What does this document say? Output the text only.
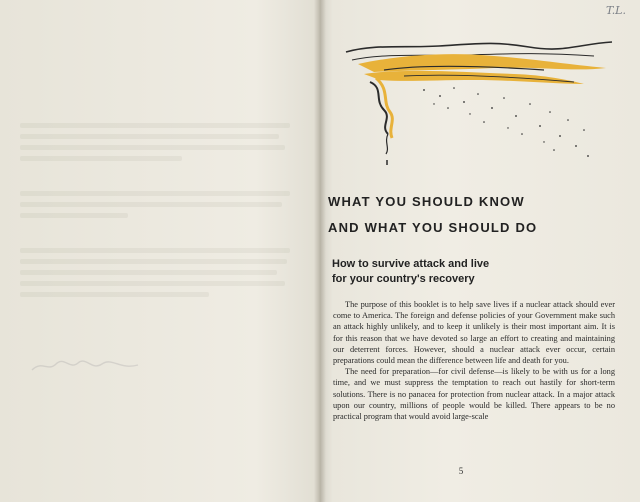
T.L.
WHAT YOU SHOULD KNOW
AND WHAT YOU SHOULD DO
How to survive attack and live
for your country's recovery

The purpose of this booklet is to help save lives if a nuclear attack should ever come to America. The foreign and defense policies of your Government make such an attack highly unlikely, and to keep it unlikely is their most important aim. It is for this reason that we have devoted so large an effort to creating and maintaining our deterrent forces. However, should a nuclear attack ever occur, certain preparations could mean the difference between life and death for you.

The need for preparation—for civil defense—is likely to be with us for a long time, and we must suppress the temptation to reach out hastily for short-term solutions. There is no panacea for protection from nuclear attack. In a major attack upon our country, millions of people would be killed. There appears to be no practical program that would avoid large-scale

5
